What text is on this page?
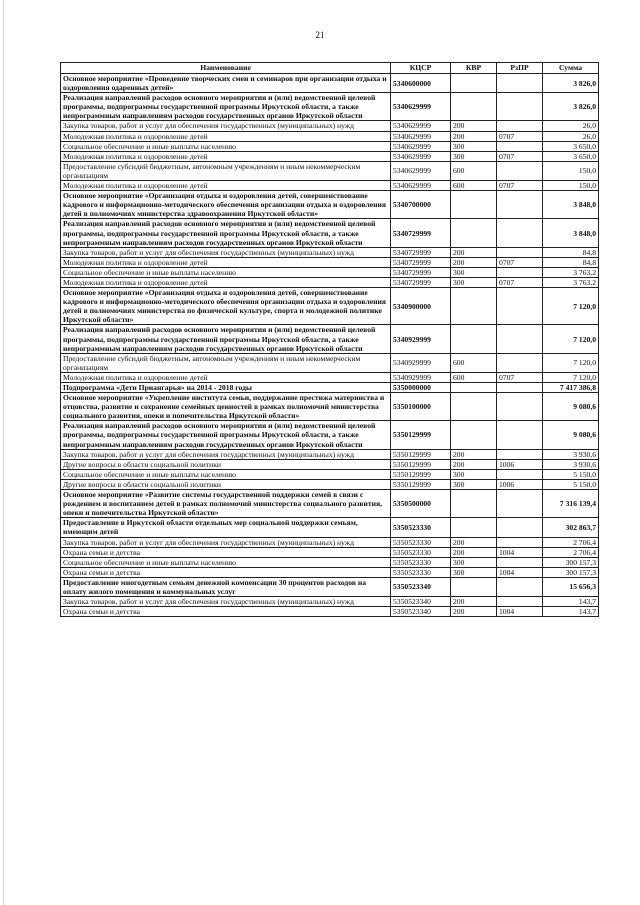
21
Наименование	КЦСР	КВР	РзПР	Сумма
Основное мероприятие «Проведение творческих смен и семинаров при организации отдыха и оздоровления одаренных детей»	5340600000			3 826,0
Реализация направлений расходов основного мероприятия и (или) ведомственной целевой программы, подпрограммы государственной программы Иркутской области, а также непрограммным направлениям расходов государственных органов Иркутской области	5340629999			3 826,0
Закупка товаров, работ и услуг для обеспечения государственных (муниципальных) нужд	5340629999	200		26,0
Молодежная политика и оздоровление детей	5340629999	200	0707	26,0
Социальное обеспечение и иные выплаты населению	5340629999	300		3 650,0
Молодежная политика и оздоровление детей	5340629999	300	0707	3 650,0
Предоставление субсидий бюджетным, автономным учреждениям и иным некоммерческим организациям	5340629999	600		150,0
Молодежная политика и оздоровление детей	5340629999	600	0707	150,0
Основное мероприятие «Организация отдыха и оздоровления детей, совершенствование кадрового и информационно-методического обеспечения организации отдыха и оздоровления детей в полномочиях министерства здравоохранения Иркутской области»	5340700000			3 848,0
Реализация направлений расходов основного мероприятия и (или) ведомственной целевой программы, подпрограммы государственной программы Иркутской области, а также непрограммным направлениям расходов государственных органов Иркутской области	5340729999			3 848,0
Закупка товаров, работ и услуг для обеспечения государственных (муниципальных) нужд	5340729999	200		84,8
Молодежная политика и оздоровление детей	5340729999	200	0707	84,8
Социальное обеспечение и иные выплаты населению	5340729999	300		3 763,2
Молодежная политика и оздоровление детей	5340729999	300	0707	3 763,2
Основное мероприятие «Организация отдыха и оздоровления детей, совершенствование кадрового и информационно-методического обеспечения организации отдыха и оздоровления детей в полномочиях министерства по физической культуре, спорта и молодежной политике Иркутской области»	5340900000			7 120,0
Реализация направлений расходов основного мероприятия и (или) ведомственной целевой программы, подпрограммы государственной программы Иркутской области, а также непрограммным направлениям расходов государственных органов Иркутской области	5340929999			7 120,0
Предоставление субсидий бюджетным, автономным учреждениям и иным некоммерческим организациям	5340929999	600		7 120,0
Молодежная политика и оздоровление детей	5340929999	600	0707	7 120,0
Подпрограмма «Дети Приангарья» на 2014 - 2018 годы	5350000000			7 417 386,8
Основное мероприятие «Укрепление института семьи, поддержание престижа материнства и отцовства, развитие и сохранение семейных ценностей в рамках полномочий министерства социального развития, опеки и попечительства Иркутской области»	5350100000			9 080,6
Реализация направлений расходов основного мероприятия и (или) ведомственной целевой программы, подпрограммы государственной программы Иркутской области, а также непрограммным направлениям расходов государственных органов Иркутской области	5350129999			9 080,6
Закупка товаров, работ и услуг для обеспечения государственных (муниципальных) нужд	5350129999	200		3 930,6
Другие вопросы в области социальной политики	5350129999	200	1006	3 930,6
Социальное обеспечение и иные выплаты населению	5350129999	300		5 150,0
Другие вопросы в области социальной политики	5350129999	300	1006	5 150,0
Основное мероприятие «Развитие системы государственной поддержки семей в связи с рождением и воспитанием детей в рамках полномочий министерства социального развития, опеки и попечительства Иркутской области»	5350500000			7 316 139,4
Предоставление в Иркутской области отдельных мер социальной поддержки семьям, имеющим детей	5350523330			302 863,7
Закупка товаров, работ и услуг для обеспечения государственных (муниципальных) нужд	5350523330	200		2 706,4
Охрана семьи и детства	5350523330	200	1004	2 706,4
Социальное обеспечение и иные выплаты населению	5350523330	300		300 157,3
Охрана семьи и детства	5350523330	300	1004	300 157,3
Предоставление многодетным семьям денежной компенсации 30 процентов расходов на оплату жилого помещения и коммунальных услуг	5350523340			15 656,3
Закупка товаров, работ и услуг для обеспечения государственных (муниципальных) нужд	5350523340	200		143,7
Охрана семьи и детства	5350523340	200	1004	143,7
